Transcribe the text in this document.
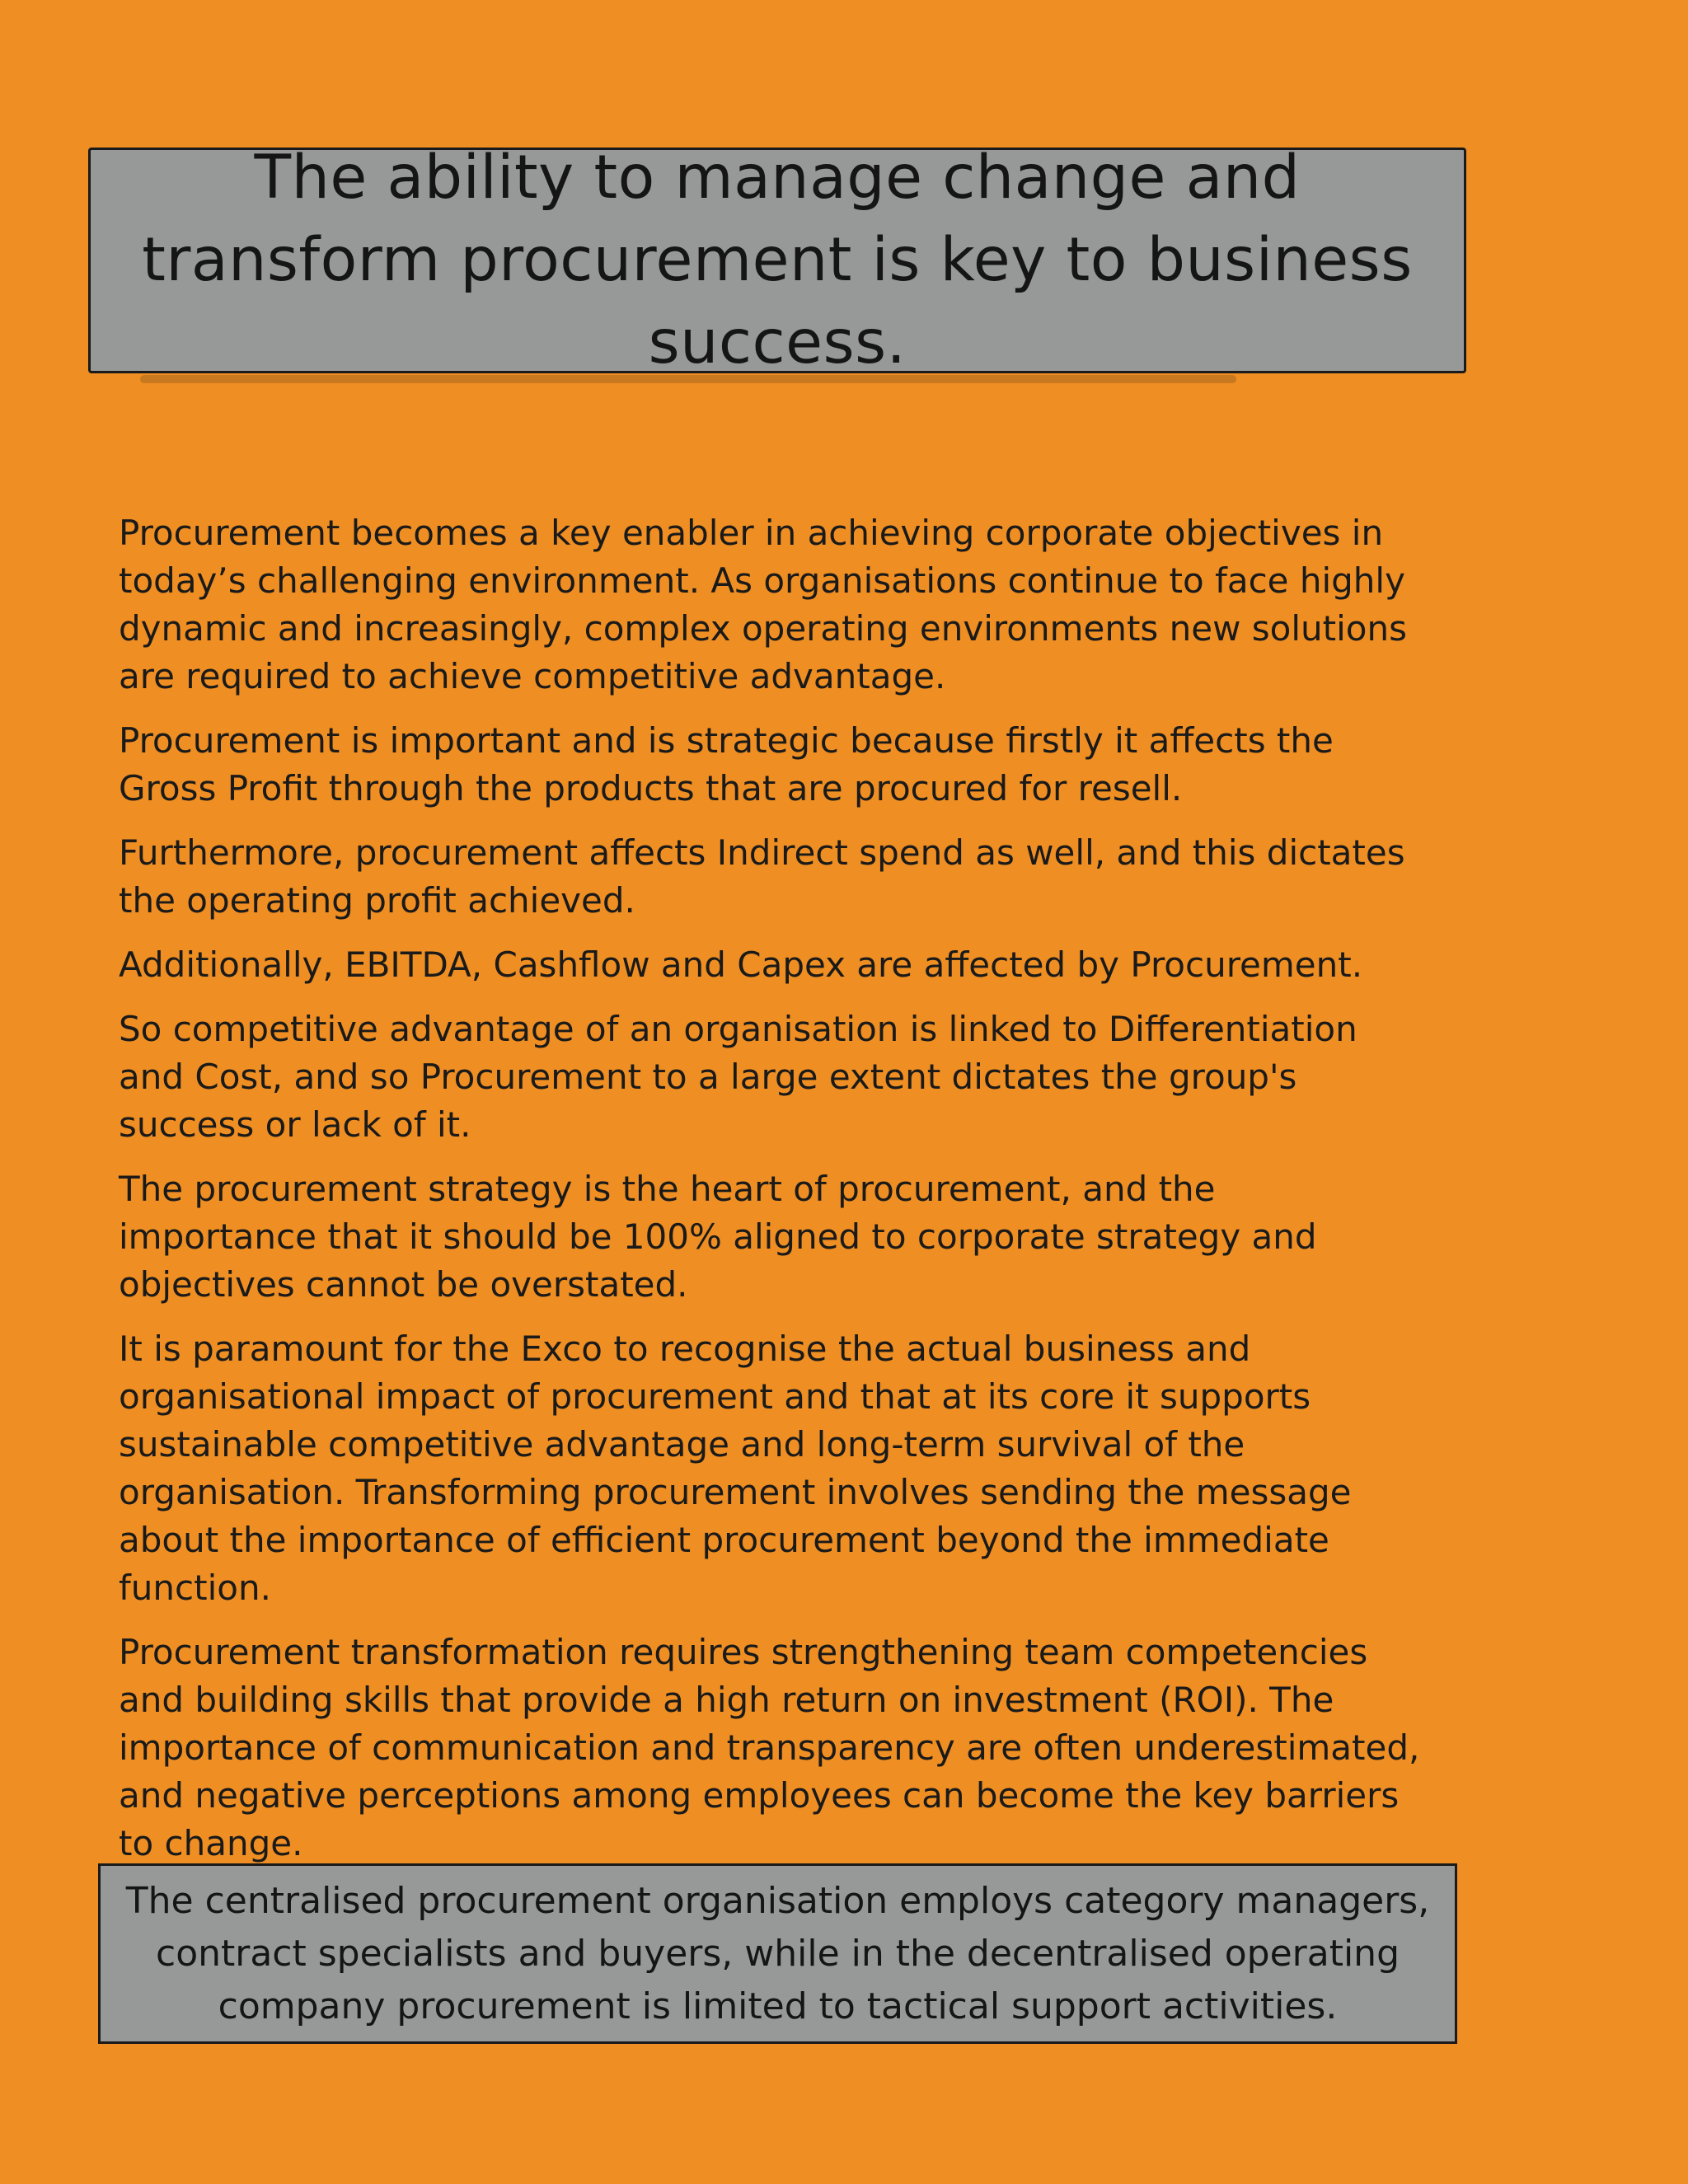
The ability to manage change and transform procurement is key to business success.

Procurement becomes a key enabler in achieving corporate objectives in today’s challenging environment. As organisations continue to face highly dynamic and increasingly, complex operating environments new solutions are required to achieve competitive advantage.

Procurement is important and is strategic because firstly it affects the Gross Profit through the products that are procured for resell.

Furthermore, procurement affects Indirect spend as well, and this dictates the operating profit achieved.

Additionally, EBITDA, Cashflow and Capex are affected by Procurement.

So competitive advantage of an organisation is linked to Differentiation and Cost, and so Procurement to a large extent dictates the group's success or lack of it.

The procurement strategy is the heart of procurement, and the importance that it should be 100% aligned to corporate strategy and objectives cannot be overstated.

It is paramount for the Exco to recognise the actual business and organisational impact of procurement and that at its core it supports sustainable competitive advantage and long-term survival of the organisation. Transforming procurement involves sending the message about the importance of efficient procurement beyond the immediate function.

Procurement transformation requires strengthening team competencies and building skills that provide a high return on investment (ROI). The importance of communication and transparency are often underestimated, and negative perceptions among employees can become the key barriers to change.

The centralised procurement organisation employs category managers, contract specialists and buyers, while in the decentralised operating company procurement is limited to tactical support activities.
